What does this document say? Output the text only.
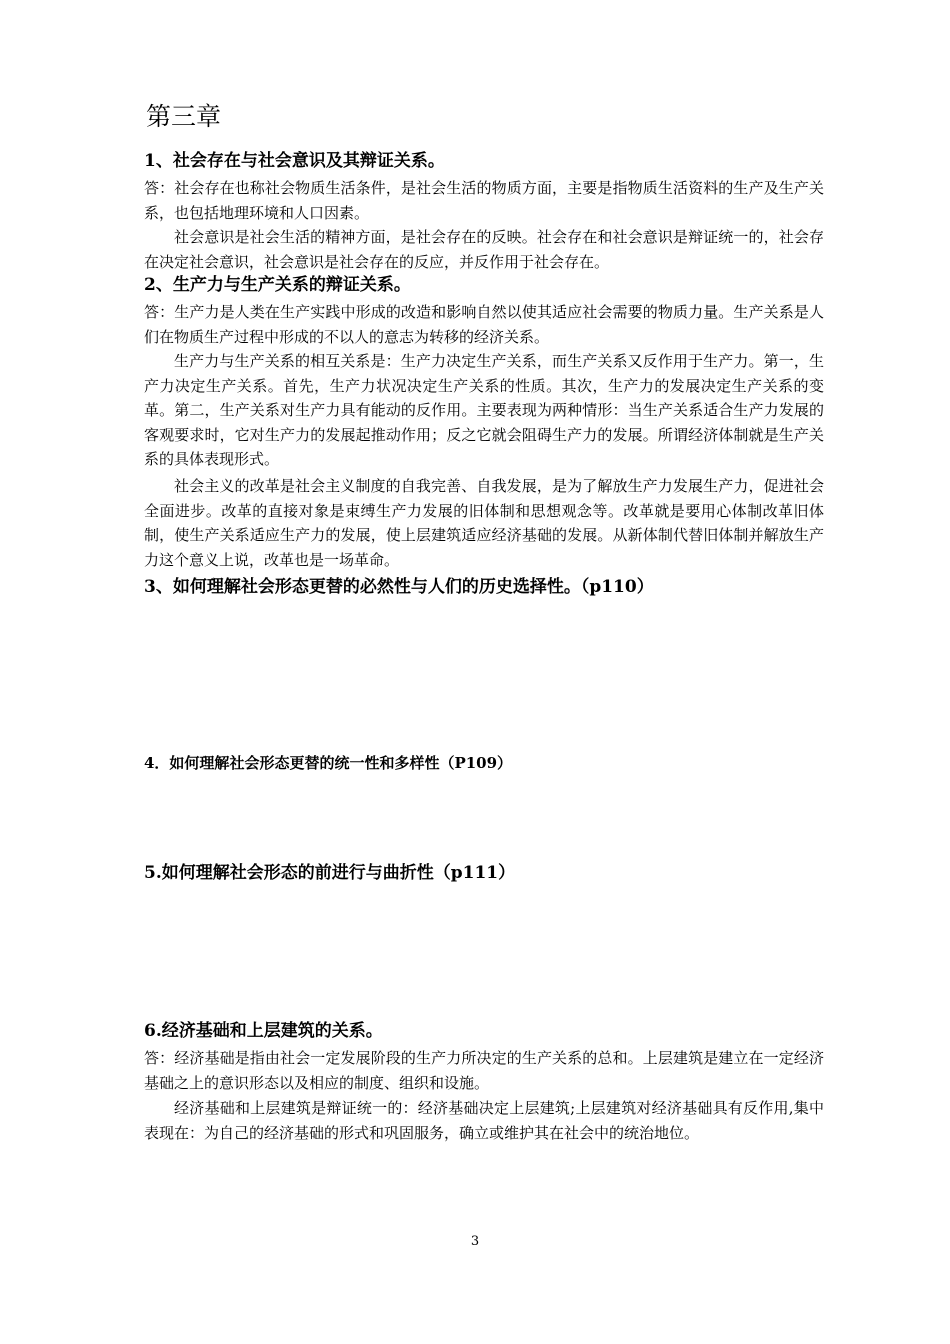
第三章
1、社会存在与社会意识及其辩证关系。
答：社会存在也称社会物质生活条件，是社会生活的物质方面，主要是指物质生活资料的生产及生产关系，也包括地理环境和人口因素。
社会意识是社会生活的精神方面，是社会存在的反映。社会存在和社会意识是辩证统一的，社会存在决定社会意识，社会意识是社会存在的反应，并反作用于社会存在。
2、生产力与生产关系的辩证关系。
答：生产力是人类在生产实践中形成的改造和影响自然以使其适应社会需要的物质力量。生产关系是人们在物质生产过程中形成的不以人的意志为转移的经济关系。
生产力与生产关系的相互关系是：生产力决定生产关系，而生产关系又反作用于生产力。第一，生产力决定生产关系。首先，生产力状况决定生产关系的性质。其次，生产力的发展决定生产关系的变革。第二，生产关系对生产力具有能动的反作用。主要表现为两种情形：当生产关系适合生产力发展的客观要求时，它对生产力的发展起推动作用；反之它就会阻碍生产力的发展。所谓经济体制就是生产关系的具体表现形式。
社会主义的改革是社会主义制度的自我完善、自我发展，是为了解放生产力发展生产力，促进社会全面进步。改革的直接对象是束缚生产力发展的旧体制和思想观念等。改革就是要用心体制改革旧体制，使生产关系适应生产力的发展，使上层建筑适应经济基础的发展。从新体制代替旧体制并解放生产力这个意义上说，改革也是一场革命。
3、如何理解社会形态更替的必然性与人们的历史选择性。（p110）
4．如何理解社会形态更替的统一性和多样性（P109）
5.如何理解社会形态的前进行与曲折性（p111）
6.经济基础和上层建筑的关系。
答：经济基础是指由社会一定发展阶段的生产力所决定的生产关系的总和。上层建筑是建立在一定经济基础之上的意识形态以及相应的制度、组织和设施。
经济基础和上层建筑是辩证统一的：经济基础决定上层建筑;上层建筑对经济基础具有反作用,集中表现在：为自己的经济基础的形式和巩固服务，确立或维护其在社会中的统治地位。
3
